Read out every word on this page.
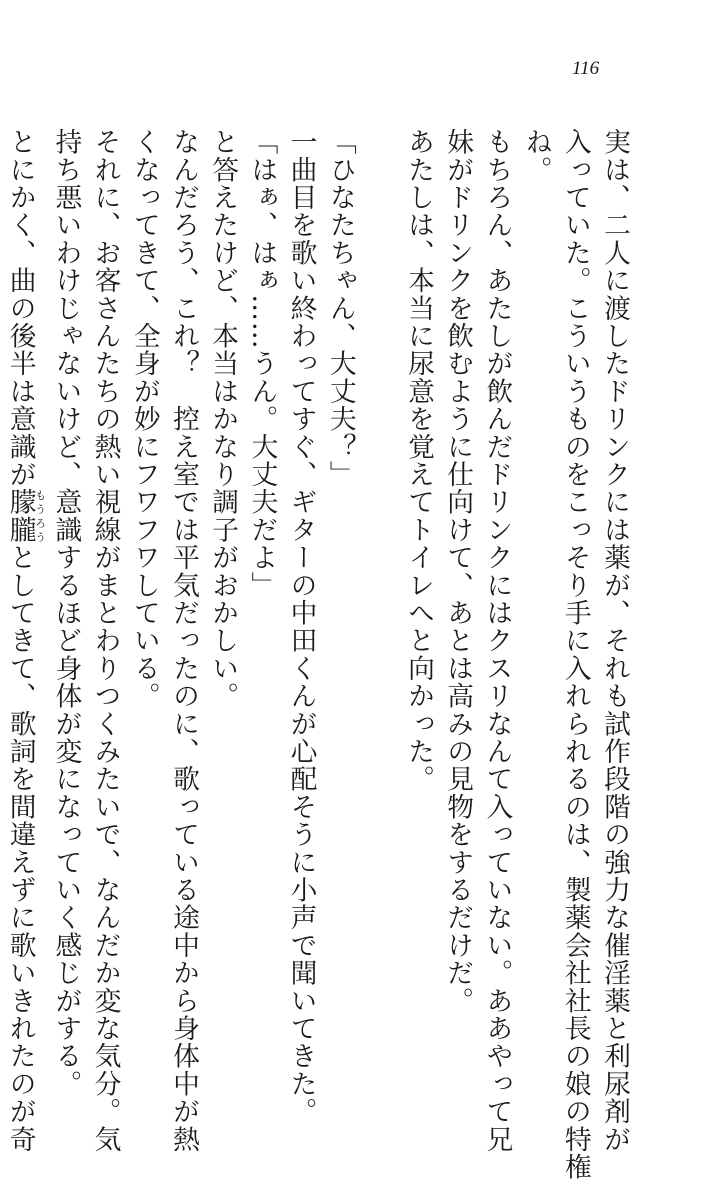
116
実は、二人に渡したドリンクには薬が、それも試作段階の強力な催淫薬と利尿剤が
入っていた。こういうものをこっそり手に入れられるのは、製薬会社社長の娘の特権
ね。
もちろん、あたしが飲んだドリンクにはクスリなんて入っていない。ああやって兄
妹がドリンクを飲むように仕向けて、あとは高みの見物をするだけだ。
あたしは、本当に尿意を覚えてトイレへと向かった。
「ひなたちゃん、大丈夫？」
一曲目を歌い終わってすぐ、ギターの中田くんが心配そうに小声で聞いてきた。
「はぁ、はぁ……うん。大丈夫だよ」
と答えたけど、本当はかなり調子がおかしい。
なんだろう、これ？　控え室では平気だったのに、歌っている途中から身体中が熱
くなってきて、全身が妙にフワフワしている。
それに、お客さんたちの熱い視線がまとわりつくみたいで、なんだか変な気分。気
持ち悪いわけじゃないけど、意識するほど身体が変になっていく感じがする。
とにかく、曲の後半は意識が朦朧もうろうとしてきて、歌詞を間違えずに歌いきれたのが奇
